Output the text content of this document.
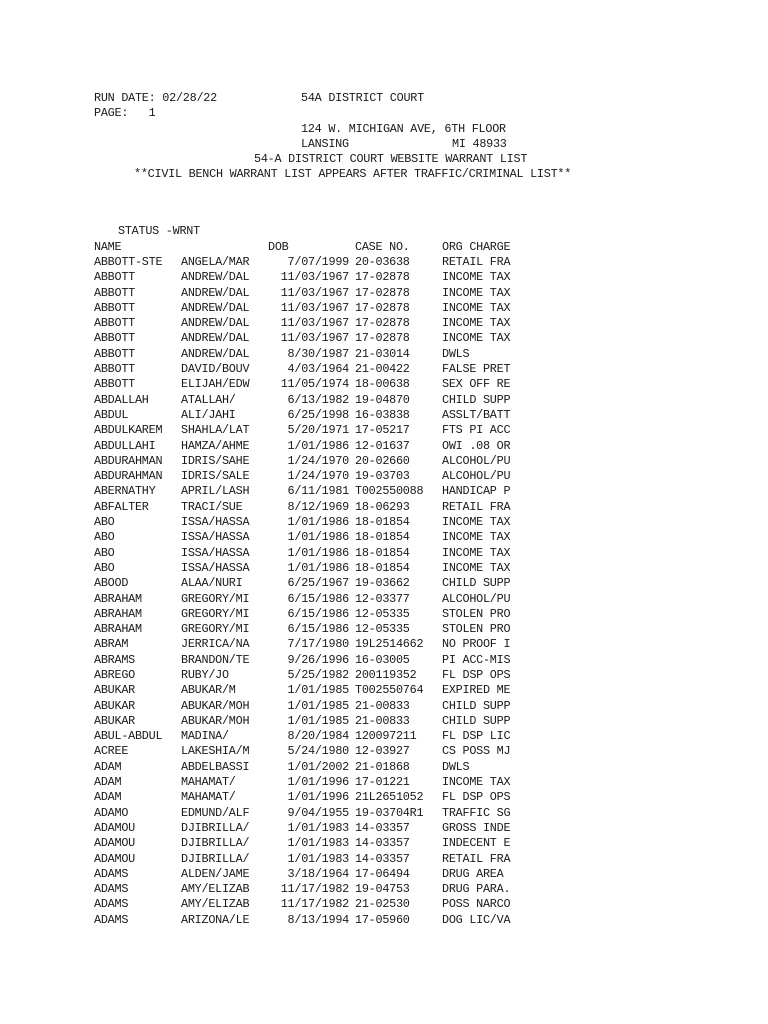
RUN DATE: 02/28/22	54A DISTRICT COURT
PAGE:   1
124 W. MICHIGAN AVE, 6TH FLOOR
LANSING	MI 48933
54-A DISTRICT COURT WEBSITE WARRANT LIST
**CIVIL BENCH WARRANT LIST APPEARS AFTER TRAFFIC/CRIMINAL LIST**
STATUS -WRNT
NAME	DOB	CASE NO.	ORG CHARGE
ABBOTT-STE ANGELA/MAR	7/07/1999 20-03638	RETAIL FRA
ABBOTT	ANDREW/DAL	11/03/1967 17-02878	INCOME TAX
ABBOTT	ANDREW/DAL	11/03/1967 17-02878	INCOME TAX
ABBOTT	ANDREW/DAL	11/03/1967 17-02878	INCOME TAX
ABBOTT	ANDREW/DAL	11/03/1967 17-02878	INCOME TAX
ABBOTT	ANDREW/DAL	11/03/1967 17-02878	INCOME TAX
ABBOTT	ANDREW/DAL	8/30/1987 21-03014	DWLS
ABBOTT	DAVID/BOUV	4/03/1964 21-00422	FALSE PRET
ABBOTT	ELIJAH/EDW	11/05/1974 18-00638	SEX OFF RE
ABDALLAH	ATALLAH/	6/13/1982 19-04870	CHILD SUPP
ABDUL	ALI/JAHI	6/25/1998 16-03838	ASSLT/BATT
ABDULKAREM SHAHLA/LAT	5/20/1971 17-05217	FTS PI ACC
ABDULLAHI HAMZA/AHME	1/01/1986 12-01637	OWI .08 OR
ABDURAHMAN IDRIS/SAHE	1/24/1970 20-02660	ALCOHOL/PU
ABDURAHMAN IDRIS/SALE	1/24/1970 19-03703	ALCOHOL/PU
ABERNATHY APRIL/LASH	6/11/1981 T002550088 HANDICAP P
ABFALTER	TRACI/SUE	8/12/1969 18-06293	RETAIL FRA
ABO	ISSA/HASSA	1/01/1986 18-01854	INCOME TAX
ABO	ISSA/HASSA	1/01/1986 18-01854	INCOME TAX
ABO	ISSA/HASSA	1/01/1986 18-01854	INCOME TAX
ABO	ISSA/HASSA	1/01/1986 18-01854	INCOME TAX
ABOOD	ALAA/NURI	6/25/1967 19-03662	CHILD SUPP
ABRAHAM	GREGORY/MI	6/15/1986 12-03377	ALCOHOL/PU
ABRAHAM	GREGORY/MI	6/15/1986 12-05335	STOLEN PRO
ABRAHAM	GREGORY/MI	6/15/1986 12-05335	STOLEN PRO
ABRAM	JERRICA/NA	7/17/1980 19L2514662 NO PROOF I
ABRAMS	BRANDON/TE	9/26/1996 16-03005	PI ACC-MIS
ABREGO	RUBY/JO	5/25/1982 200119352 FL DSP OPS
ABUKAR	ABUKAR/M	1/01/1985 T002550764 EXPIRED ME
ABUKAR	ABUKAR/MOH	1/01/1985 21-00833	CHILD SUPP
ABUKAR	ABUKAR/MOH	1/01/1985 21-00833	CHILD SUPP
ABUL-ABDUL MADINA/	8/20/1984 120097211 FL DSP LIC
ACREE	LAKESHIA/M	5/24/1980 12-03927	CS POSS MJ
ADAM	ABDELBASSI	1/01/2002 21-01868	DWLS
ADAM	MAHAMAT/	1/01/1996 17-01221	INCOME TAX
ADAM	MAHAMAT/	1/01/1996 21L2651052 FL DSP OPS
ADAMO	EDMUND/ALF	9/04/1955 19-03704R1 TRAFFIC SG
ADAMOU	DJIBRILLA/	1/01/1983 14-03357	GROSS INDE
ADAMOU	DJIBRILLA/	1/01/1983 14-03357	INDECENT E
ADAMOU	DJIBRILLA/	1/01/1983 14-03357	RETAIL FRA
ADAMS	ALDEN/JAME	3/18/1964 17-06494	DRUG AREA
ADAMS	AMY/ELIZAB	11/17/1982 19-04753	DRUG PARA.
ADAMS	AMY/ELIZAB	11/17/1982 21-02530	POSS NARCO
ADAMS	ARIZONA/LE	8/13/1994 17-05960	DOG LIC/VA
